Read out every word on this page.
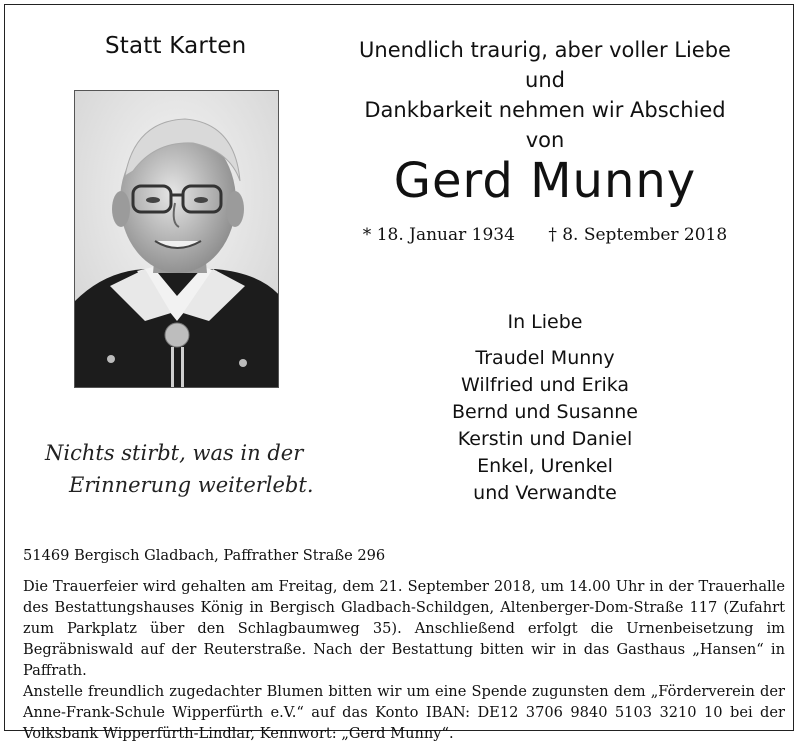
Statt Karten	Unendlich traurig, aber voller Liebe und
Dankbarkeit nehmen wir Abschied von
Gerd Munny
* 18. Januar 1934 † 8. September 2018
Nichts stirbt, was in der
Erinnerung weiterlebt.
In Liebe
Traudel Munny
Wilfried und Erika
Bernd und Susanne
Kerstin und Daniel
Enkel, Urenkel
und Verwandte

51469 Bergisch Gladbach, Paffrather Straße 296

Die Trauerfeier wird gehalten am Freitag, dem 21. September 2018, um 14.00 Uhr in der Trauerhalle des Bestattungshauses König in Bergisch Gladbach-Schildgen, Altenberger-Dom-Straße 117 (Zufahrt zum Parkplatz über den Schlagbaumweg 35). Anschließend erfolgt die Urnenbeisetzung im Begräbniswald auf der Reuterstraße. Nach der Bestattung bitten wir in das Gasthaus „Hansen“ in Paffrath.

Anstelle freundlich zugedachter Blumen bitten wir um eine Spende zugunsten dem „Förderverein der Anne-Frank-Schule Wipperfürth e.V.“ auf das Konto IBAN: DE12 3706 9840 5103 3210 10 bei der Volksbank Wipperfürth-Lindlar, Kennwort: „Gerd Munny“.
